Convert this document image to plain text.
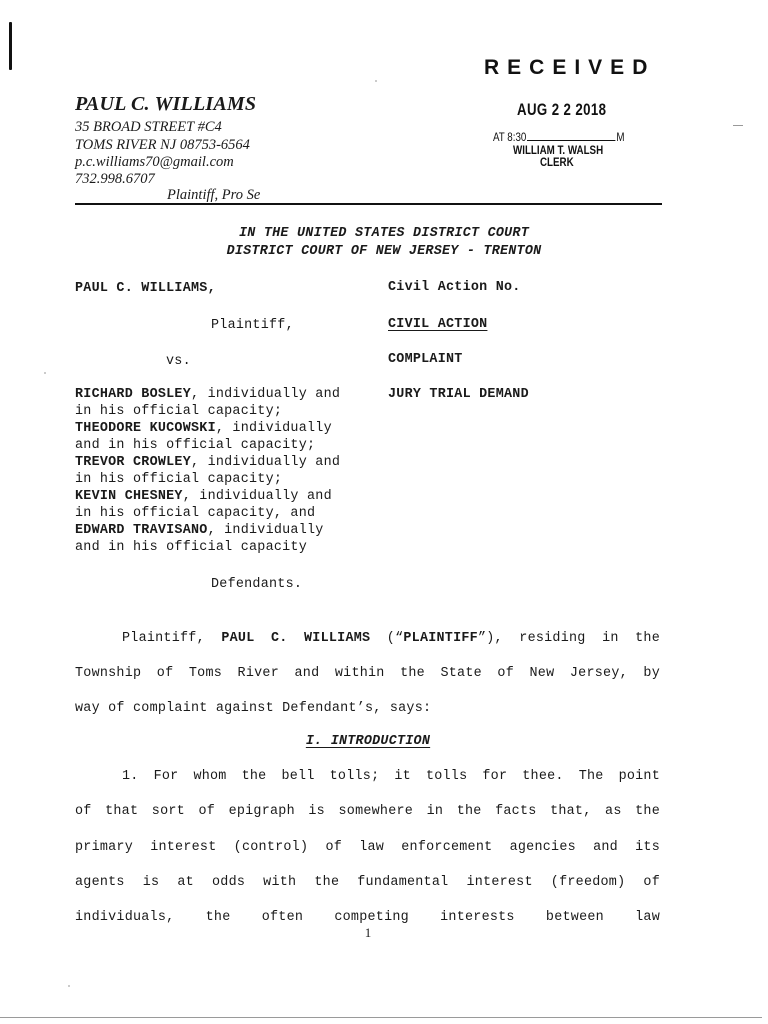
PAUL C. WILLIAMS
35 BROAD STREET #C4
TOMS RIVER NJ 08753-6564
p.c.williams70@gmail.com
732.998.6707
Plaintiff, Pro Se
RECEIVED
AUG 2 2 2018
AT 8:30	M
WILLIAM T. WALSH
CLERK
IN THE UNITED STATES DISTRICT COURT
DISTRICT COURT OF NEW JERSEY - TRENTON
PAUL C. WILLIAMS,
Plaintiff,
vs.
RICHARD BOSLEY, individually and
in his official capacity;
THEODORE KUCOWSKI, individually
and in his official capacity;
TREVOR CROWLEY, individually and
in his official capacity;
KEVIN CHESNEY, individually and
in his official capacity, and
EDWARD TRAVISANO, individually
and in his official capacity
Defendants.
Civil Action No.
CIVIL ACTION
COMPLAINT
JURY TRIAL DEMAND
Plaintiff, PAUL C. WILLIAMS (“PLAINTIFF”), residing in the
Township of Toms River and within the State of New Jersey, by
way of complaint against Defendant’s, says:
I. INTRODUCTION
1. For whom the bell tolls; it tolls for thee. The point
of that sort of epigraph is somewhere in the facts that, as the
primary interest (control) of law enforcement agencies and its
agents is at odds with the fundamental interest (freedom) of
individuals, the often competing interests between law
1
